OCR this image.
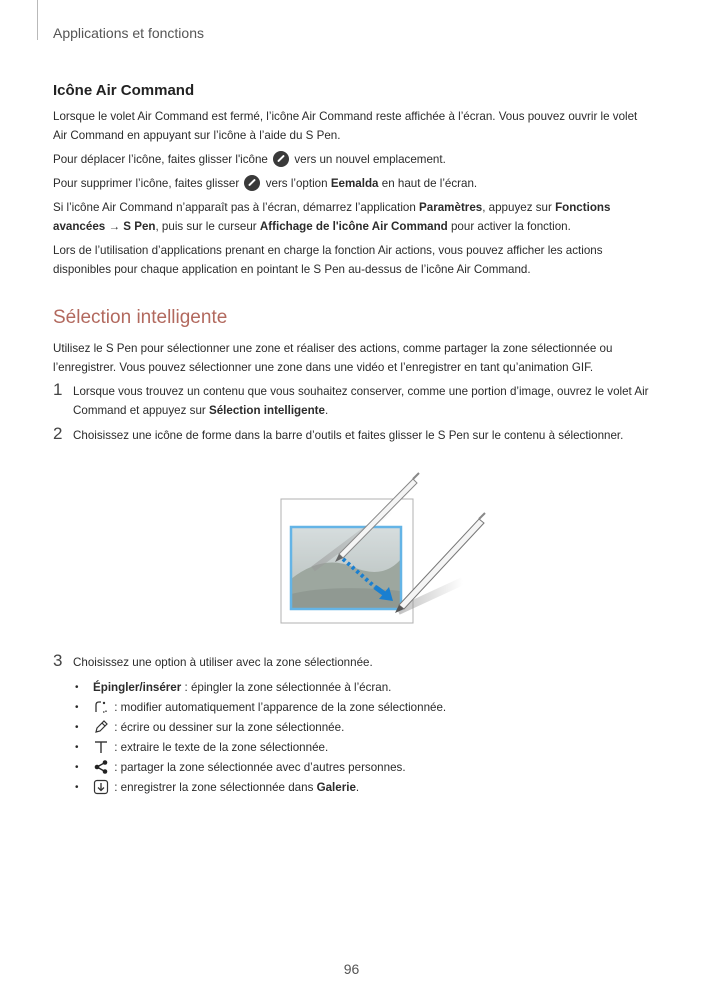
Applications et fonctions
Icône Air Command

Lorsque le volet Air Command est fermé, l’icône Air Command reste affichée à l’écran. Vous pouvez ouvrir le volet Air Command en appuyant sur l’icône à l’aide du S Pen.

Pour déplacer l’icône, faites glisser l'icône vers un nouvel emplacement.

Pour supprimer l’icône, faites glisser vers l’option Eemalda en haut de l’écran.

Si l’icône Air Command n’apparaît pas à l’écran, démarrez l’application Paramètres, appuyez sur Fonctions avancées → S Pen, puis sur le curseur Affichage de l'icône Air Command pour activer la fonction.

Lors de l’utilisation d’applications prenant en charge la fonction Air actions, vous pouvez afficher les actions disponibles pour chaque application en pointant le S Pen au-dessus de l’icône Air Command.

Sélection intelligente

Utilisez le S Pen pour sélectionner une zone et réaliser des actions, comme partager la zone sélectionnée ou l’enregistrer. Vous pouvez sélectionner une zone dans une vidéo et l’enregistrer en tant qu’animation GIF.

1 Lorsque vous trouvez un contenu que vous souhaitez conserver, comme une portion d’image, ouvrez le volet Air Command et appuyez sur Sélection intelligente.
2 Choisissez une icône de forme dans la barre d’outils et faites glisser le S Pen sur le contenu à sélectionner.
3 Choisissez une option à utiliser avec la zone sélectionnée.
• Épingler/insérer : épingler la zone sélectionnée à l’écran.
• : modifier automatiquement l’apparence de la zone sélectionnée.
• : écrire ou dessiner sur la zone sélectionnée.
• : extraire le texte de la zone sélectionnée.
• : partager la zone sélectionnée avec d’autres personnes.
• : enregistrer la zone sélectionnée dans Galerie.
96
